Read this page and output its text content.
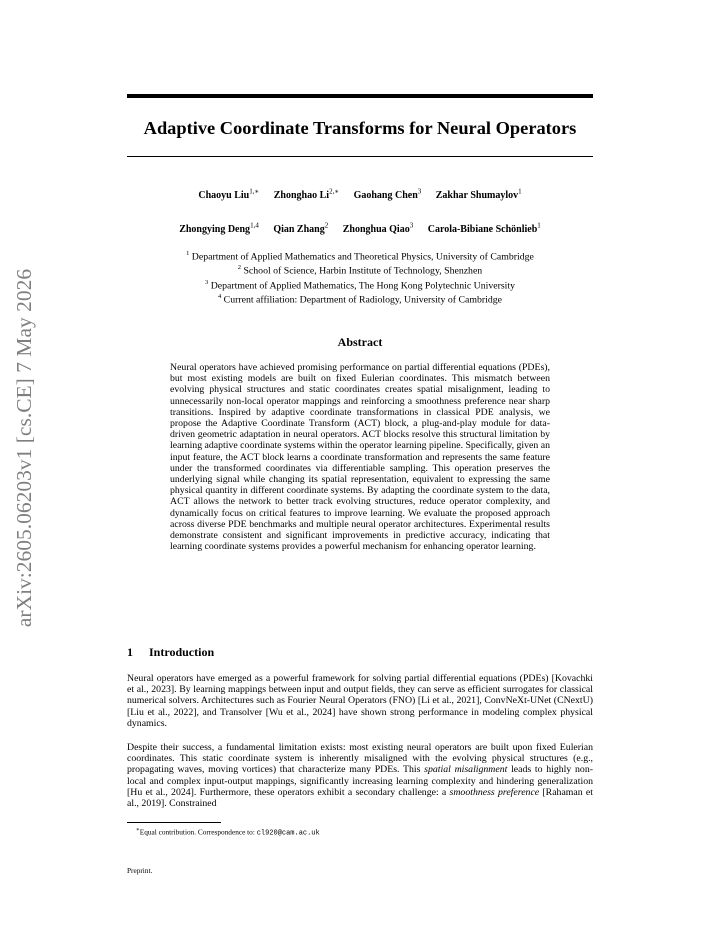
arXiv:2605.06203v1 [cs.CE] 7 May 2026
Adaptive Coordinate Transforms for Neural Operators
Chaoyu Liu$^{1,∗}$ Zhonghao $Li^{2,∗}$ Gaohang Chen$^3$ Zakhar Shumaylov$^1$
Zhongying Deng$^{1,4}$ Qian Zhang$^2$ Zhonghua Qiao$^3$ Carola-Bibiane Schönlieb$^1$
$^1$ Department of Applied Mathematics and Theoretical Physics, University of Cambridge
$^2$ School of Science, Harbin Institute of Technology, Shenzhen
$^3$ Department of Applied Mathematics, The Hong Kong Polytechnic University
$^4$ Current affiliation: Department of Radiology, University of Cambridge
Abstract
Neural operators have achieved promising performance on partial differential equations (PDEs), but most existing models are built on fixed Eulerian coordinates. This mismatch between evolving physical structures and static coordinates creates spatial misalignment, leading to unnecessarily non-local operator mappings and reinforcing a smoothness preference near sharp transitions. Inspired by adaptive coordinate transformations in classical PDE analysis, we propose the Adaptive Coordinate Transform (ACT) block, a plug-and-play module for data-driven geometric adaptation in neural operators. ACT blocks resolve this structural limitation by learning adaptive coordinate systems within the operator learning pipeline. Specifically, given an input feature, the ACT block learns a coordinate transformation and represents the same feature under the transformed coordinates via differentiable sampling. This operation preserves the underlying signal while changing its spatial representation, equivalent to expressing the same physical quantity in different coordinate systems. By adapting the coordinate system to the data, ACT allows the network to better track evolving structures, reduce operator complexity, and dynamically focus on critical features to improve learning. We evaluate the proposed approach across diverse PDE benchmarks and multiple neural operator architectures. Experimental results demonstrate consistent and significant improvements in predictive accuracy, indicating that learning coordinate systems provides a powerful mechanism for enhancing operator learning.
1 Introduction
Neural operators have emerged as a powerful framework for solving partial differential equations (PDEs) [Kovachki et al., 2023]. By learning mappings between input and output fields, they can serve as efficient surrogates for classical numerical solvers. Architectures such as Fourier Neural Operators (FNO) [Li et al., 2021], ConvNeXt-UNet (CNextU) [Liu et al., 2022], and Transolver [Wu et al., 2024] have shown strong performance in modeling complex physical dynamics.
Despite their success, a fundamental limitation exists: most existing neural operators are built upon fixed Eulerian coordinates. This static coordinate system is inherently misaligned with the evolving physical structures (e.g., propagating waves, moving vortices) that characterize many PDEs. This spatial misalignment leads to highly non-local and complex input-output mappings, significantly increasing learning complexity and hindering generalization [Hu et al., 2024]. Furthermore, these operators exhibit a secondary challenge: a smoothness preference [Rahaman et al., 2019]. Constrained
∗Equal contribution. Correspondence to: cl920@cam.ac.uk
Preprint.
